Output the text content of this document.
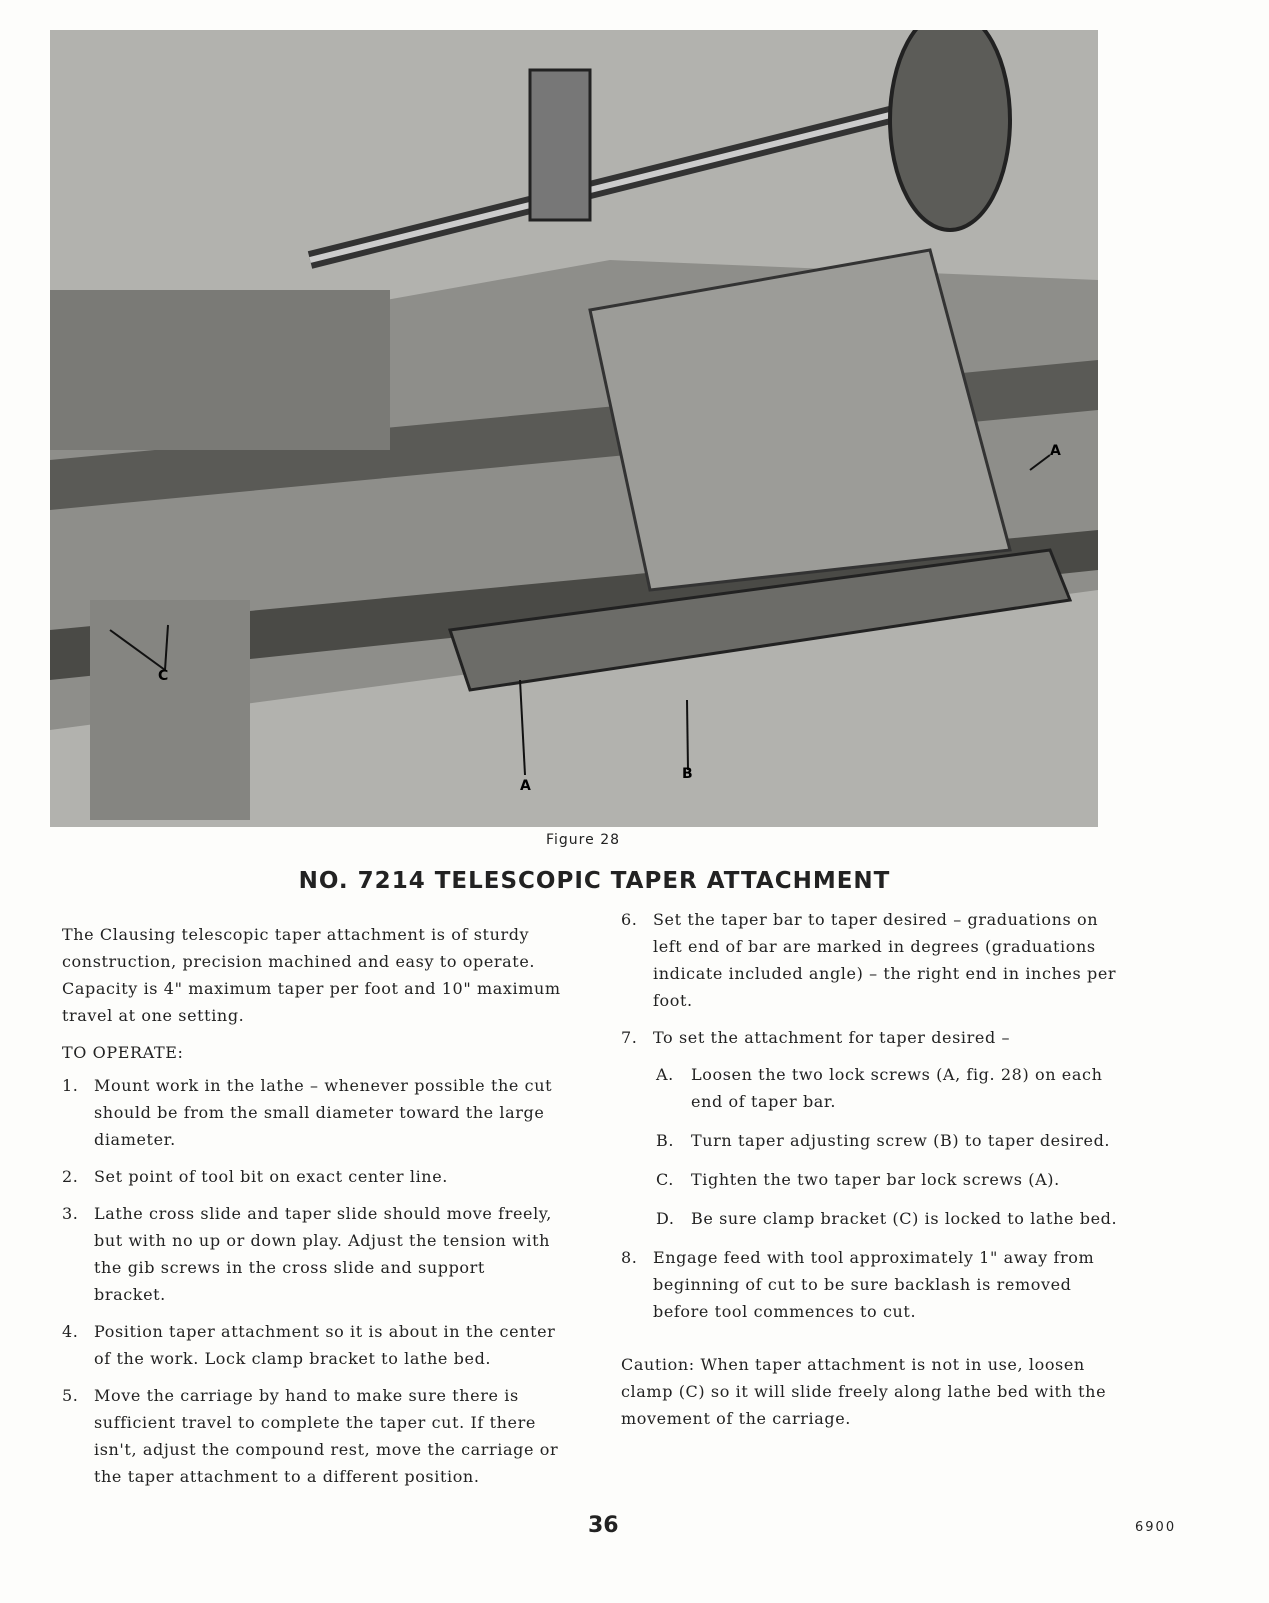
A
A
B
C
Figure 28
NO. 7214 TELESCOPIC TAPER ATTACHMENT

The Clausing telescopic taper attachment is of sturdy construction, precision machined and easy to operate. Capacity is 4" maximum taper per foot and 10" maximum travel at one setting.

TO OPERATE:
1. Mount work in the lathe – whenever possible the cut should be from the small diameter toward the large diameter.
2. Set point of tool bit on exact center line.
3. Lathe cross slide and taper slide should move freely, but with no up or down play. Adjust the tension with the gib screws in the cross slide and support bracket.
4. Position taper attachment so it is about in the center of the work. Lock clamp bracket to lathe bed.
5. Move the carriage by hand to make sure there is sufficient travel to complete the taper cut. If there isn't, adjust the compound rest, move the carriage or the taper attachment to a different position.
6. Set the taper bar to taper desired – graduations on left end of bar are marked in degrees (graduations indicate included angle) – the right end in inches per foot.
7. To set the attachment for taper desired –
A.	Loosen the two lock screws (A, fig. 28) on each end of taper bar.
B.	Turn taper adjusting screw (B) to taper desired.
C.	Tighten the two taper bar lock screws (A).
D.	Be sure clamp bracket (C) is locked to lathe bed.
8. Engage feed with tool approximately 1" away from beginning of cut to be sure backlash is removed before tool commences to cut.

Caution: When taper attachment is not in use, loosen clamp (C) so it will slide freely along lathe bed with the movement of the carriage.

36	6900
